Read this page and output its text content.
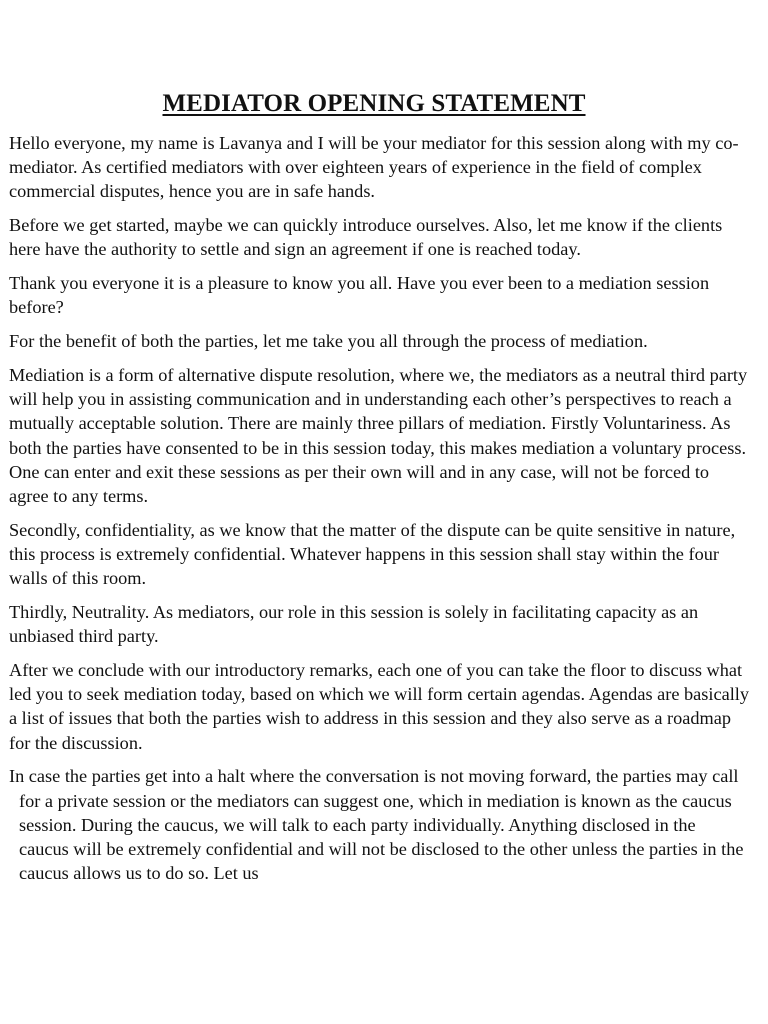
MEDIATOR OPENING STATEMENT

Hello everyone, my name is Lavanya and I will be your mediator for this session along with my co-mediator. As certified mediators with over eighteen years of experience in the field of complex commercial disputes, hence you are in safe hands.

Before we get started, maybe we can quickly introduce ourselves. Also, let me know if the clients here have the authority to settle and sign an agreement if one is reached today.

Thank you everyone it is a pleasure to know you all. Have you ever been to a mediation session before?

For the benefit of both the parties, let me take you all through the process of mediation.

Mediation is a form of alternative dispute resolution, where we, the mediators as a neutral third party will help you in assisting communication and in understanding each other’s perspectives to reach a mutually acceptable solution. There are mainly three pillars of mediation. Firstly Voluntariness. As both the parties have consented to be in this session today, this makes mediation a voluntary process. One can enter and exit these sessions as per their own will and in any case, will not be forced to agree to any terms.

Secondly, confidentiality, as we know that the matter of the dispute can be quite sensitive in nature, this process is extremely confidential. Whatever happens in this session shall stay within the four walls of this room.

Thirdly, Neutrality. As mediators, our role in this session is solely in facilitating capacity as an unbiased third party.

After we conclude with our introductory remarks, each one of you can take the floor to discuss what led you to seek mediation today, based on which we will form certain agendas. Agendas are basically a list of issues that both the parties wish to address in this session and they also serve as a roadmap for the discussion.

In case the parties get into a halt where the conversation is not moving forward, the parties may call for a private session or the mediators can suggest one, which in mediation is known as the caucus session. During the caucus, we will talk to each party individually. Anything disclosed in the caucus will be extremely confidential and will not be disclosed to the other unless the parties in the caucus allows us to do so. Let us
